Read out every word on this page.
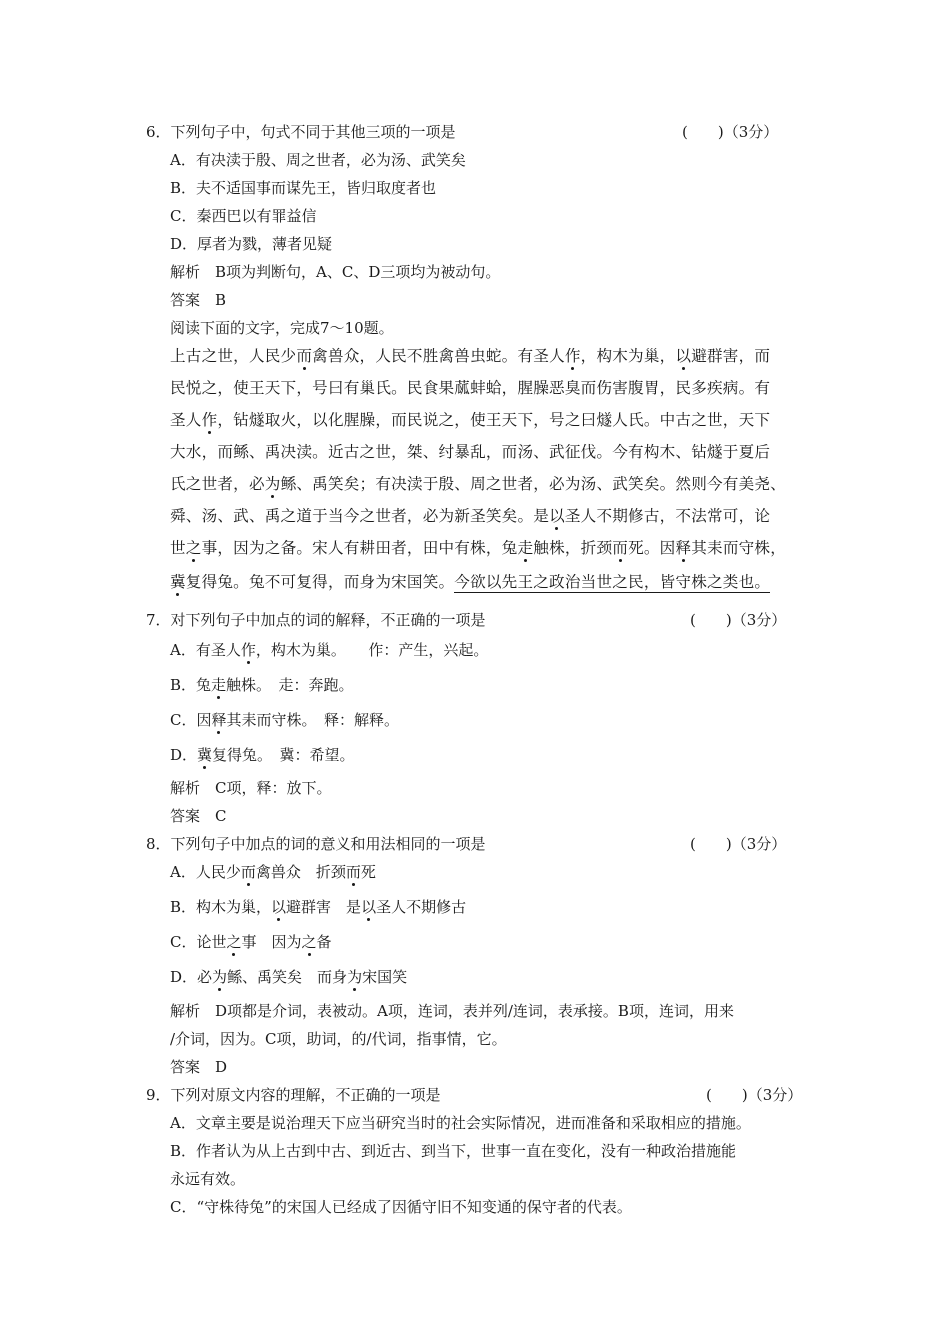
6．下列句子中，句式不同于其他三项的一项是	(　　)（3分）
A．有决渎于殷、周之世者，必为汤、武笑矣
B．夫不适国事而谋先王，皆归取度者也
C．秦西巴以有罪益信
D．厚者为戮，薄者见疑
解析　B项为判断句，A、C、D三项均为被动句。
答案　B
阅读下面的文字，完成7～10题。
上古之世，人民少而禽兽众，人民不胜禽兽虫蛇。有圣人作，构木为巢，以避群害，而
民悦之，使王天下，号曰有巢氏。民食果蓏蚌蛤，腥臊恶臭而伤害腹胃，民多疾病。有
圣人作，钻燧取火，以化腥臊，而民说之，使王天下，号之曰燧人氏。中古之世，天下
大水，而鲧、禹决渎。近古之世，桀、纣暴乱，而汤、武征伐。今有构木、钻燧于夏后
氏之世者，必为鲧、禹笑矣；有决渎于殷、周之世者，必为汤、武笑矣。然则今有美尧、
舜、汤、武、禹之道于当今之世者，必为新圣笑矣。是以圣人不期修古，不法常可，论
世之事，因为之备。宋人有耕田者，田中有株，兔走触株，折颈而死。因释其耒而守株，
冀复得兔。兔不可复得，而身为宋国笑。今欲以先王之政治当世之民，皆守株之类也。
7．对下列句子中加点的词的解释，不正确的一项是	(　　)（3分）
A．有圣人作，构木为巢。　　作：产生，兴起。
B．兔走触株。　走：奔跑。
C．因释其耒而守株。　释：解释。
D．冀复得兔。　冀：希望。
解析　C项，释：放下。
答案　C
8．下列句子中加点的词的意义和用法相同的一项是	(　　)（3分）
A．人民少而禽兽众　折颈而死
B．构木为巢，以避群害　是以圣人不期修古
C．论世之事　因为之备
D．必为鲧、禹笑矣　而身为宋国笑
解析　D项都是介词，表被动。A项，连词，表并列/连词，表承接。B项，连词，用来
/介词，因为。C项，助词，的/代词，指事情，它。
答案　D
9．下列对原文内容的理解，不正确的一项是	(　　)（3分）
A．文章主要是说治理天下应当研究当时的社会实际情况，进而准备和采取相应的措施。
B．作者认为从上古到中古、到近古、到当下，世事一直在变化，没有一种政治措施能
永远有效。
C．“守株待兔”的宋国人已经成了因循守旧不知变通的保守者的代表。
